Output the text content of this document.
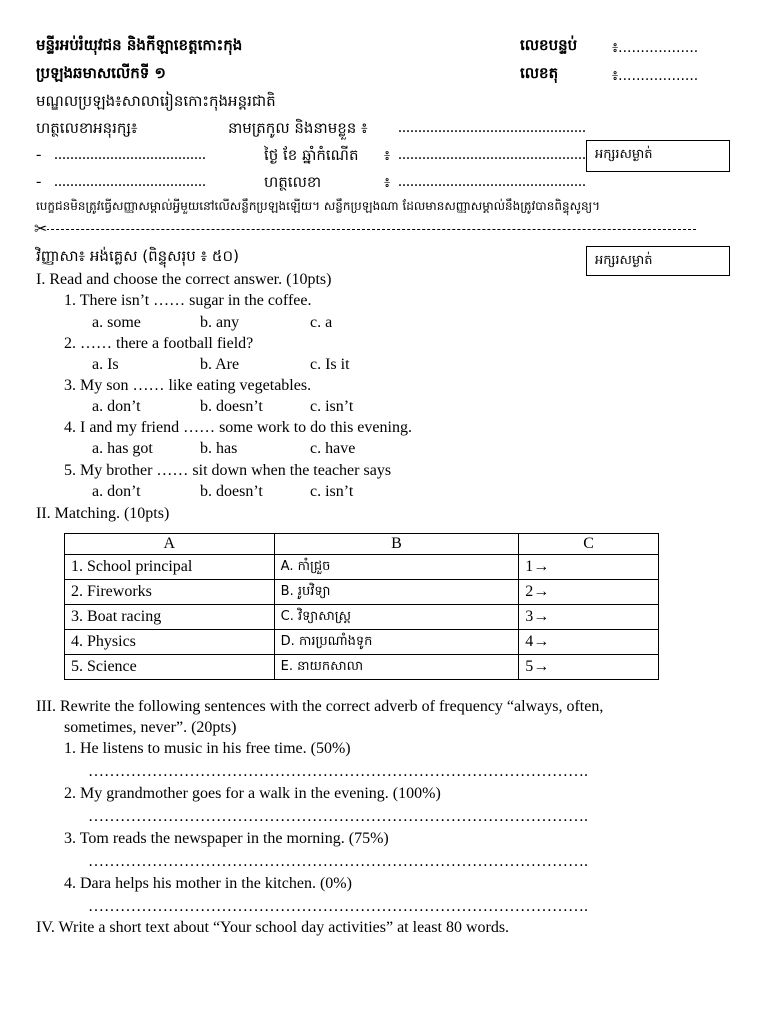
មន្ទីរអប់រំយុវជន និងកីឡាខេត្តកោះកុង
ប្រឡងឆមាសលើកទី ១
លេខបន្ទប់ ៖..................
លេខតុ	៖..................
មណ្ឌលប្រឡង៖សាលារៀនកោះកុងអន្តរជាតិ
ហត្ថលេខាអនុរក្ស៖	នាមត្រកូល និងនាមខ្លួន ៖ ...............................................
- ......................................	ថ្ងៃ ខែ ឆ្នាំកំណើត ៖ ............................................... អក្សរសម្ងាត់
- ......................................	ហត្ថលេខា	៖ ...............................................
បេក្ខជនមិនត្រូវធ្វើសញ្ញាសម្គាល់អ្វីមួយនៅលើសន្លឹកប្រឡងឡើយ។ សន្លឹកប្រឡងណា ដែលមានសញ្ញាសម្គាល់នឹងត្រូវបានពិន្ទុសូន្យ។
✂
វិញ្ញាសា៖ អង់គ្លេស (ពិន្ទុសរុប ៖ ៥០)	អក្សរសម្ងាត់
I. Read and choose the correct answer. (10pts)
1. There isn’t …… sugar in the coffee.
a. some	b. any	c. a
2. …… there a football field?
a. Is	b. Are	c. Is it
3. My son …… like eating vegetables.
a. don’t	b. doesn’t	c. isn’t
4. I and my friend …… some work to do this evening.
a. has got	b. has	c. have
5. My brother …… sit down when the teacher says
a. don’t	b. doesn’t	c. isn’t
II. Matching. (10pts)
A	B	C
1. School principal	A. កាំជ្រួច	1→
2. Fireworks	B. រូបវិទ្យា	2→
3. Boat racing	C. វិទ្យាសាស្ត្រ	3→
4. Physics	D. ការប្រណាំងទូក	4→
5. Science	E. នាយកសាលា	5→
III. Rewrite the following sentences with the correct adverb of frequency “always, often,
sometimes, never”. (20pts)
1. He listens to music in his free time. (50%)
………………………………………………………………………………….
2. My grandmother goes for a walk in the evening. (100%)
………………………………………………………………………………….
3. Tom reads the newspaper in the morning. (75%)
………………………………………………………………………………….
4. Dara helps his mother in the kitchen. (0%)
………………………………………………………………………………….
IV. Write a short text about “Your school day activities” at least 80 words.
